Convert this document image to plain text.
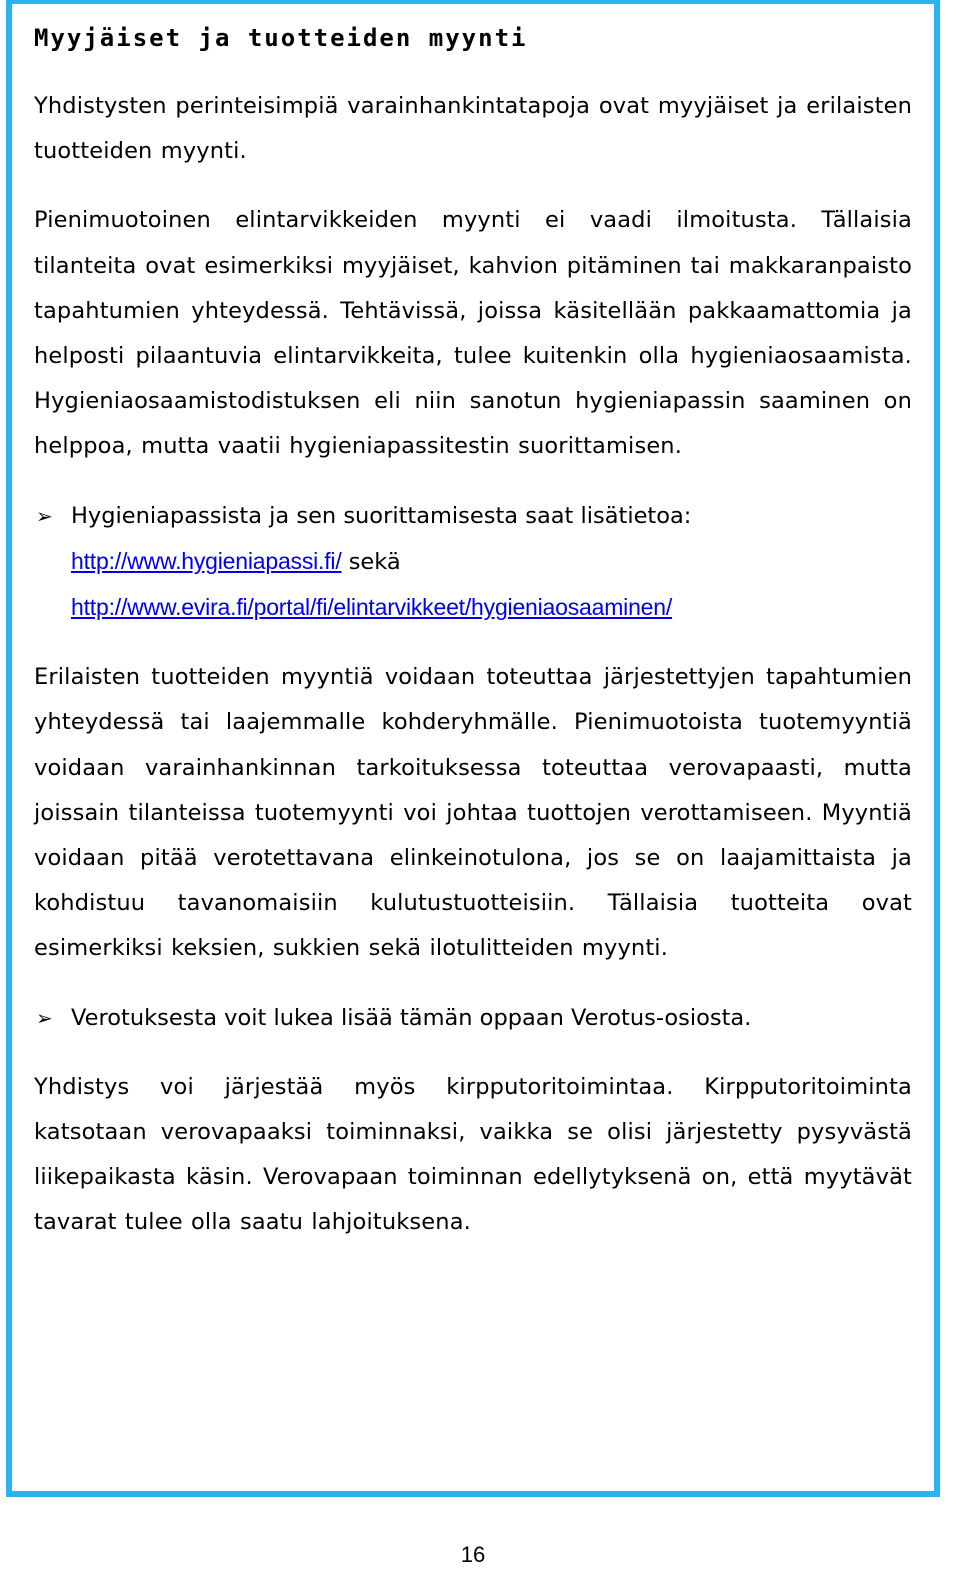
Myyjäiset ja tuotteiden myynti

Yhdistysten perinteisimpiä varainhankintatapoja ovat myyjäiset ja erilaisten tuotteiden myynti.

Pienimuotoinen elintarvikkeiden myynti ei vaadi ilmoitusta. Tällaisia tilanteita ovat esimerkiksi myyjäiset, kahvion pitäminen tai makkaranpaisto tapahtumien yhteydessä. Tehtävissä, joissa käsitellään pakkaamattomia ja helposti pilaantuvia elintarvikkeita, tulee kuitenkin olla hygieniaosaamista. Hygieniaosaamistodistuksen eli niin sanotun hygieniapassin saaminen on helppoa, mutta vaatii hygieniapassitestin suorittamisen.

➢ Hygieniapassista ja sen suorittamisesta saat lisätietoa:
http://www.hygieniapassi.fi/ sekä
http://www.evira.fi/portal/fi/elintarvikkeet/hygieniaosaaminen/

Erilaisten tuotteiden myyntiä voidaan toteuttaa järjestettyjen tapahtumien yhteydessä tai laajemmalle kohderyhmälle. Pienimuotoista tuotemyyntiä voidaan varainhankinnan tarkoituksessa toteuttaa verovapaasti, mutta joissain tilanteissa tuotemyynti voi johtaa tuottojen verottamiseen. Myyntiä voidaan pitää verotettavana elinkeinotulona, jos se on laajamittaista ja kohdistuu tavanomaisiin kulutustuotteisiin. Tällaisia tuotteita ovat esimerkiksi keksien, sukkien sekä ilotulitteiden myynti.

➢ Verotuksesta voit lukea lisää tämän oppaan Verotus-osiosta.

Yhdistys voi järjestää myös kirpputoritoimintaa. Kirpputoritoiminta katsotaan verovapaaksi toiminnaksi, vaikka se olisi järjestetty pysyvästä liikepaikasta käsin. Verovapaan toiminnan edellytyksenä on, että myytävät tavarat tulee olla saatu lahjoituksena.

16
